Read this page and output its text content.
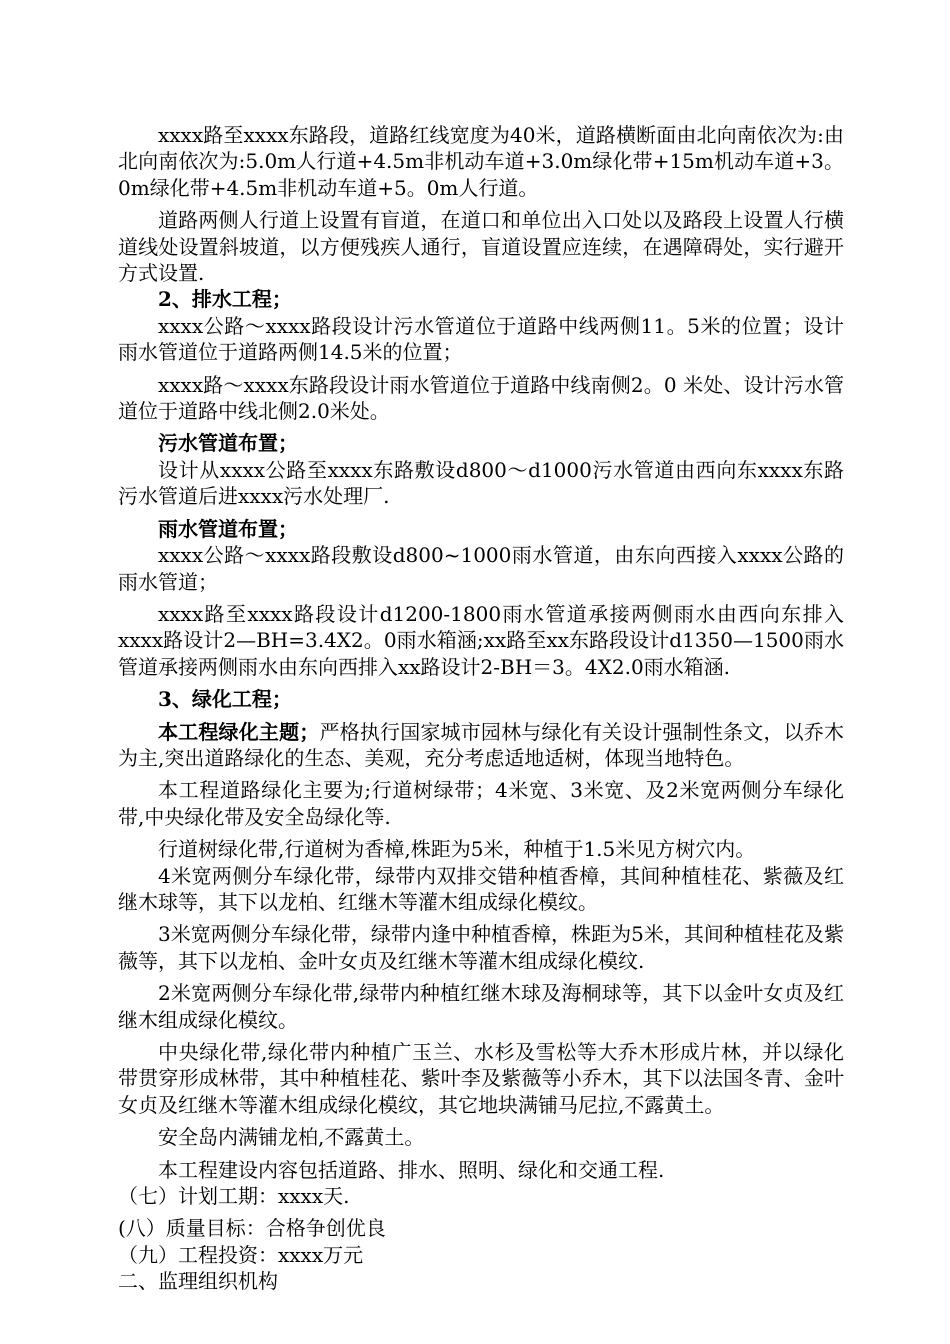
xxxx路至xxxx东路段，道路红线宽度为40米，道路横断面由北向南依次为:由北向南依次为:5.0m人行道+4.5m非机动车道+3.0m绿化带+15m机动车道+3。0m绿化带+4.5m非机动车道+5。0m人行道。

道路两侧人行道上设置有盲道，在道口和单位出入口处以及路段上设置人行横道线处设置斜坡道，以方便残疾人通行，盲道设置应连续，在遇障碍处，实行避开方式设置.

2、排水工程；

xxxx公路～xxxx路段设计污水管道位于道路中线两侧11。5米的位置；设计雨水管道位于道路两侧14.5米的位置；

xxxx路～xxxx东路段设计雨水管道位于道路中线南侧2。0 米处、设计污水管道位于道路中线北侧2.0米处。

污水管道布置；

设计从xxxx公路至xxxx东路敷设d800～d1000污水管道由西向东xxxx东路污水管道后进xxxx污水处理厂.

雨水管道布置；

xxxx公路～xxxx路段敷设d800~1000雨水管道，由东向西接入xxxx公路的雨水管道；

xxxx路至xxxx路段设计d1200-1800雨水管道承接两侧雨水由西向东排入xxxx路设计2—BH=3.4X2。0雨水箱涵;xx路至xx东路段设计d1350—1500雨水管道承接两侧雨水由东向西排入xx路设计2-BH＝3。4X2.0雨水箱涵.

3、绿化工程；

本工程绿化主题；严格执行国家城市园林与绿化有关设计强制性条文，以乔木为主,突出道路绿化的生态、美观，充分考虑适地适树，体现当地特色。

本工程道路绿化主要为;行道树绿带；4米宽、3米宽、及2米宽两侧分车绿化带,中央绿化带及安全岛绿化等.

行道树绿化带,行道树为香樟,株距为5米，种植于1.5米见方树穴内。

4米宽两侧分车绿化带，绿带内双排交错种植香樟，其间种植桂花、紫薇及红继木球等，其下以龙柏、红继木等灌木组成绿化模纹。

3米宽两侧分车绿化带，绿带内逢中种植香樟，株距为5米，其间种植桂花及紫薇等，其下以龙柏、金叶女贞及红继木等灌木组成绿化模纹.

2米宽两侧分车绿化带,绿带内种植红继木球及海桐球等，其下以金叶女贞及红继木组成绿化模纹。

中央绿化带,绿化带内种植广玉兰、水杉及雪松等大乔木形成片林，并以绿化带贯穿形成林带，其中种植桂花、紫叶李及紫薇等小乔木，其下以法国冬青、金叶女贞及红继木等灌木组成绿化模纹，其它地块满铺马尼拉,不露黄土。

安全岛内满铺龙柏,不露黄土。

本工程建设内容包括道路、排水、照明、绿化和交通工程.

（七）计划工期：xxxx天.

(八）质量目标：合格争创优良

（九）工程投资：xxxx万元

二、监理组织机构
